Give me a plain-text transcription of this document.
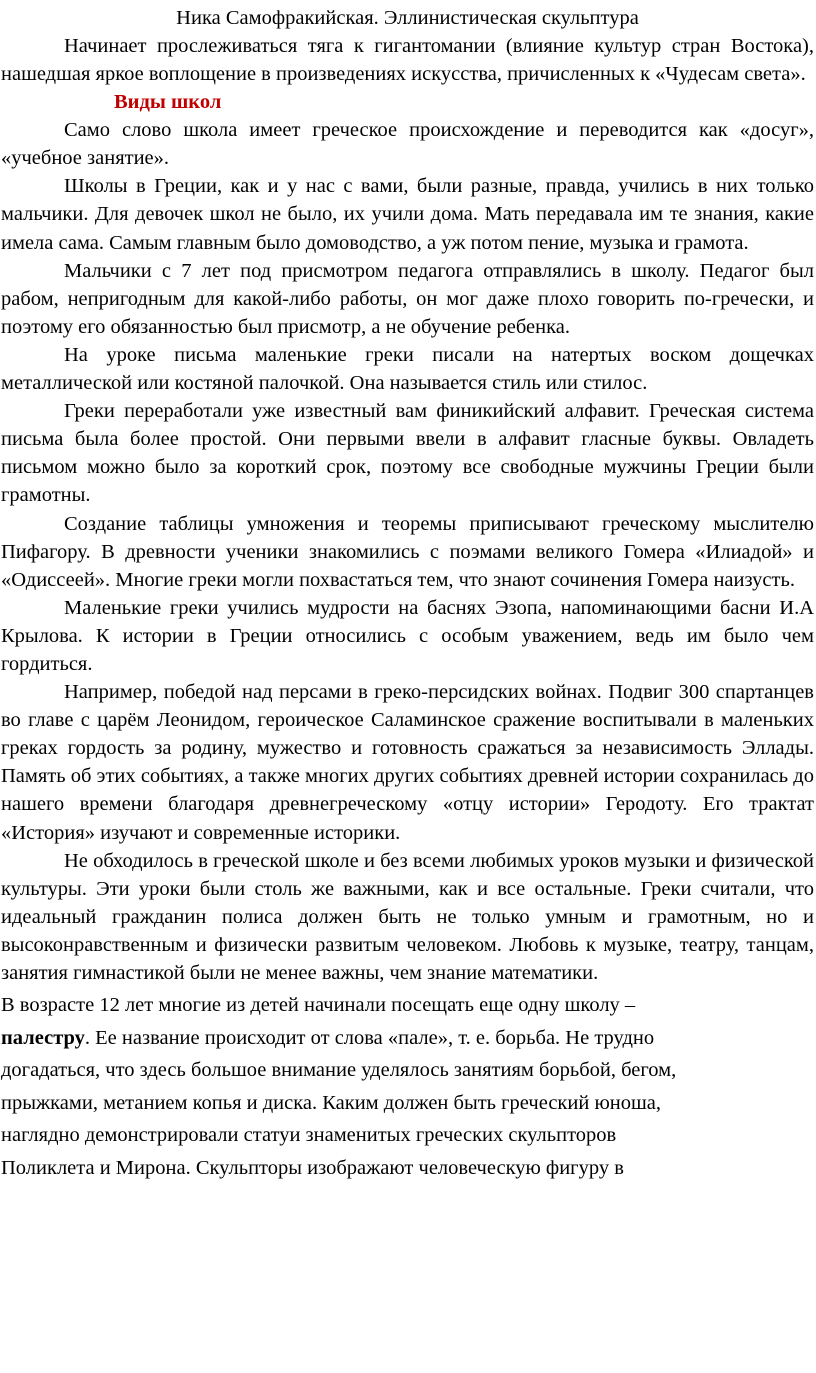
Ника Самофракийская. Эллинистическая скульптура

Начинает прослеживаться тяга к гигантомании (влияние культур стран Востока), нашедшая яркое воплощение в произведениях искусства, причисленных к «Чудесам света».

Виды школ

Само слово школа имеет греческое происхождение и переводится как «досуг», «учебное занятие».

Школы в Греции, как и у нас с вами, были разные, правда, учились в них только мальчики. Для девочек школ не было, их учили дома. Мать передавала им те знания, какие имела сама. Самым главным было домоводство, а уж потом пение, музыка и грамота.

Мальчики с 7 лет под присмотром педагога отправлялись в школу. Педагог был рабом, непригодным для какой-либо работы, он мог даже плохо говорить по-гречески, и поэтому его обязанностью был присмотр, а не обучение ребенка.

На уроке письма маленькие греки писали на натертых воском дощечках металлической или костяной палочкой. Она называется стиль или стилос.

Греки переработали уже известный вам финикийский алфавит. Греческая система письма была более простой. Они первыми ввели в алфавит гласные буквы. Овладеть письмом можно было за короткий срок, поэтому все свободные мужчины Греции были грамотны.

Создание таблицы умножения и теоремы приписывают греческому мыслителю Пифагору. В древности ученики знакомились с поэмами великого Гомера «Илиадой» и «Одиссеей». Многие греки могли похвастаться тем, что знают сочинения Гомера наизусть.

Маленькие греки учились мудрости на баснях Эзопа, напоминающими басни И.А Крылова. К истории в Греции относились с особым уважением, ведь им было чем гордиться.

Например, победой над персами в греко-персидских войнах. Подвиг 300 спартанцев во главе с царём Леонидом, героическое Саламинское сражение воспитывали в маленьких греках гордость за родину, мужество и готовность сражаться за независимость Эллады. Память об этих событиях, а также многих других событиях древней истории сохранилась до нашего времени благодаря древнегреческому «отцу истории» Геродоту. Его трактат «История» изучают и современные историки.

Не обходилось в греческой школе и без всеми любимых уроков музыки и физической культуры. Эти уроки были столь же важными, как и все остальные. Греки считали, что идеальный гражданин полиса должен быть не только умным и грамотным, но и высоконравственным и физически развитым человеком. Любовь к музыке, театру, танцам, занятия гимнастикой были не менее важны, чем знание математики.

В возрасте 12 лет многие из детей начинали посещать еще одну школу –
палестру. Ее название происходит от слова «пале», т. е. борьба. Не трудно
догадаться, что здесь большое внимание уделялось занятиям борьбой, бегом,
прыжками, метанием копья и диска. Каким должен быть греческий юноша,
наглядно демонстрировали статуи знаменитых греческих скульпторов
Поликлета и Мирона. Скульпторы изображают человеческую фигуру в
